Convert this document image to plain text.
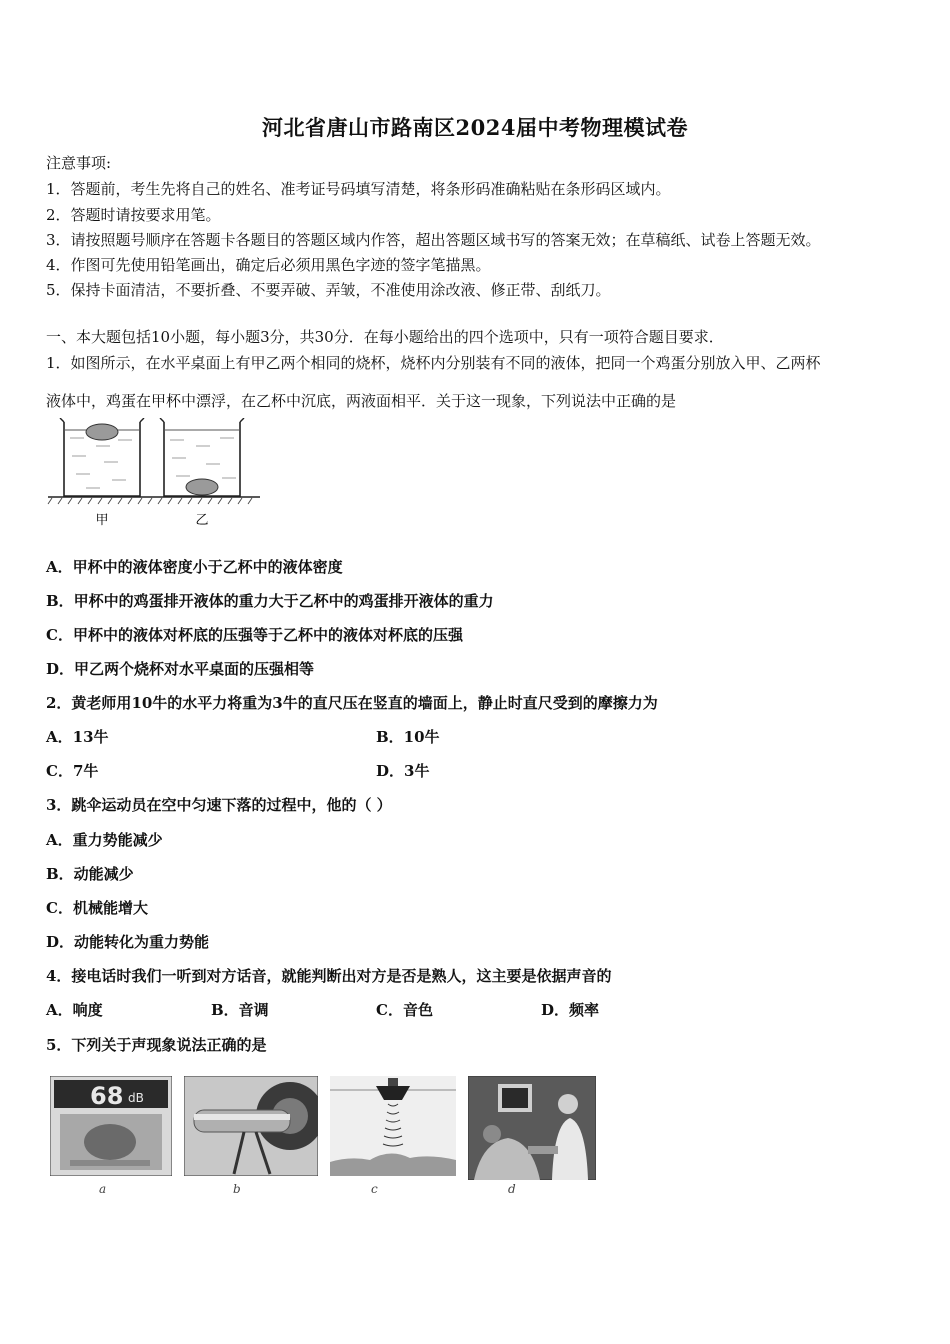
河北省唐山市路南区2024届中考物理模试卷
注意事项:
1．答题前，考生先将自己的姓名、准考证号码填写清楚，将条形码准确粘贴在条形码区域内。
2．答题时请按要求用笔。
3．请按照题号顺序在答题卡各题目的答题区域内作答，超出答题区域书写的答案无效；在草稿纸、试卷上答题无效。
4．作图可先使用铅笔画出，确定后必须用黑色字迹的签字笔描黑。
5．保持卡面清洁，不要折叠、不要弄破、弄皱，不准使用涂改液、修正带、刮纸刀。
一、本大题包括10小题，每小题3分，共30分．在每小题给出的四个选项中，只有一项符合题目要求．
1．如图所示，在水平桌面上有甲乙两个相同的烧杯，烧杯内分别装有不同的液体，把同一个鸡蛋分别放入甲、乙两杯
液体中，鸡蛋在甲杯中漂浮，在乙杯中沉底，两液面相平．关于这一现象，下列说法中正确的是
甲	乙
A．甲杯中的液体密度小于乙杯中的液体密度
B．甲杯中的鸡蛋排开液体的重力大于乙杯中的鸡蛋排开液体的重力
C．甲杯中的液体对杯底的压强等于乙杯中的液体对杯底的压强
D．甲乙两个烧杯对水平桌面的压强相等
2．黄老师用10牛的水平力将重为3牛的直尺压在竖直的墙面上，静止时直尺受到的摩擦力为
A．13牛	B．10牛
C．7牛	D．3牛
3．跳伞运动员在空中匀速下落的过程中，他的（ ）
A．重力势能减少
B．动能减少
C．机械能增大
D．动能转化为重力势能
4．接电话时我们一听到对方话音，就能判断出对方是否是熟人，这主要是依据声音的
A．响度	B．音调	C．音色	D．频率
5．下列关于声现象说法正确的是
68 dB
a	b	c	d
